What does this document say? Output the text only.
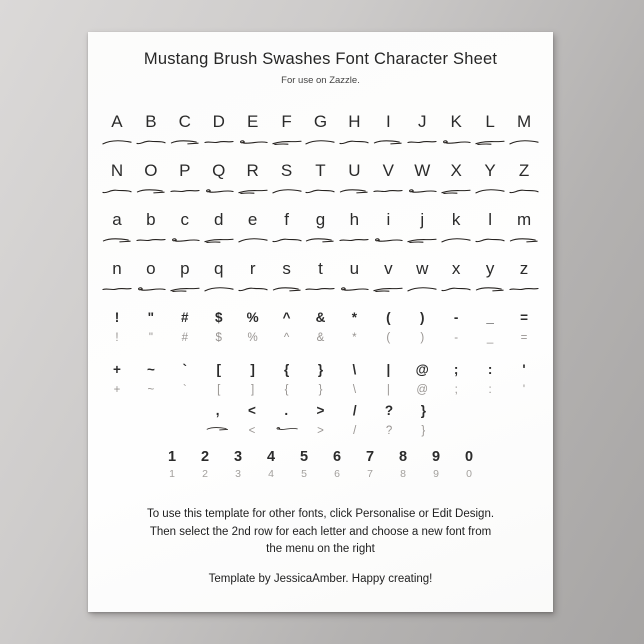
Mustang Brush Swashes Font Character Sheet
For use on Zazzle.
A B C D E F G H I J K L M
N O P Q R S T U V W X Y Z
a b c d e f g h i j k l m
n o p q r s t u v w x y z
!
!
"
"
#
#
$
$
%
%
^
^
&
&
*
*
(
(
)
)
-
-
_
_
=
=
+
+
~
~
`
`
[
[
]
]
{
{
}
}
\
\
|
|
@
@
;
;
:
:
'
'
, <
<
. >
>
/
/
?
?
}
}
1
1
2
2
3
3
4
4
5
5
6
6
7
7
8
8
9
9
0
0
To use this template for other fonts, click Personalise or Edit Design.
Then select the 2nd row for each letter and choose a new font from
the menu on the right
Template by JessicaAmber. Happy creating!
